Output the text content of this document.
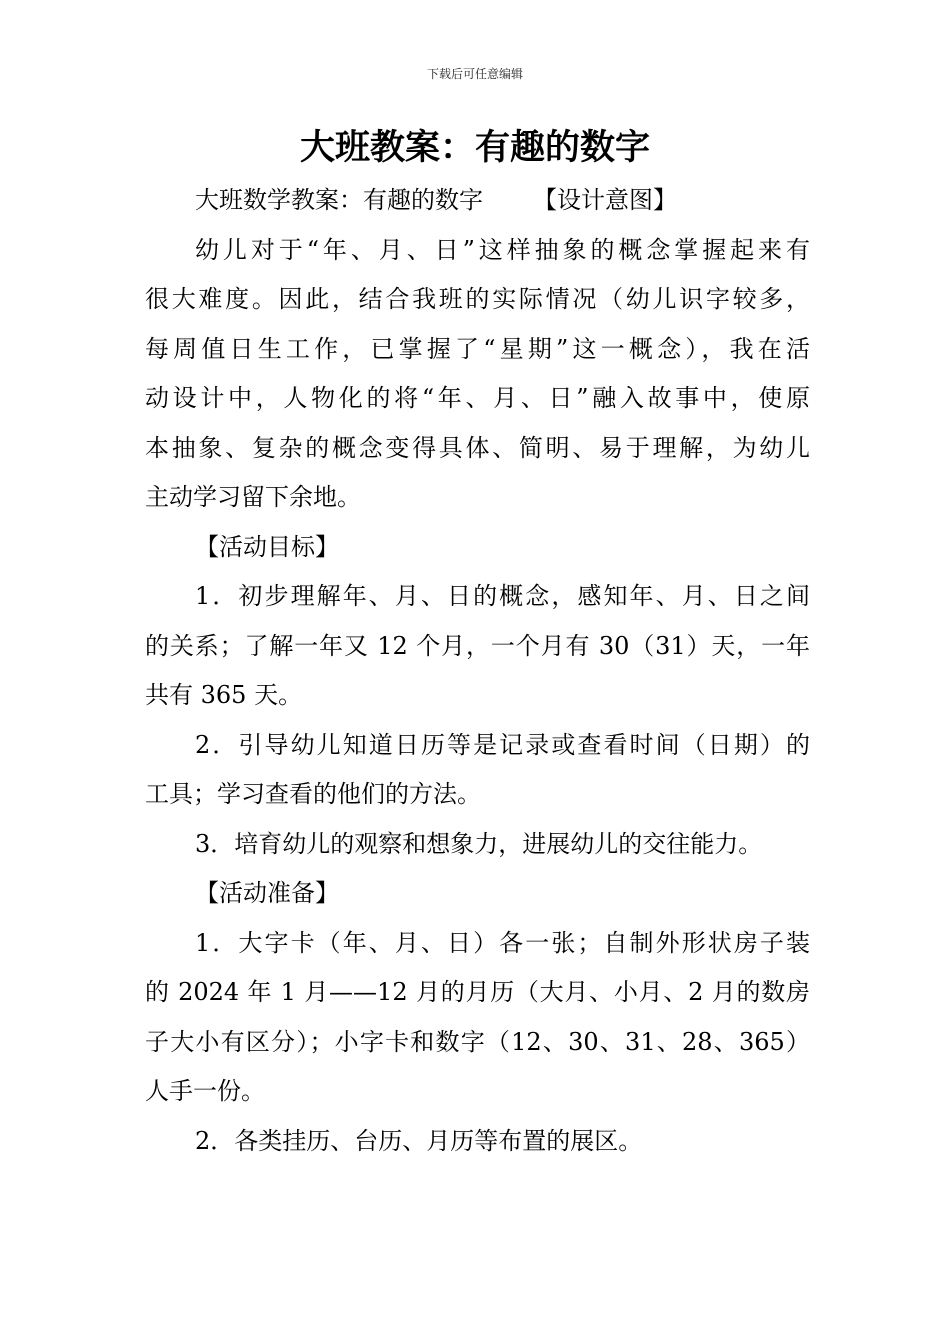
下载后可任意编辑
大班教案：有趣的数字
大班数学教案：有趣的数字 【设计意图】
幼儿对于“年、月、日”这样抽象的概念掌握起来有
很大难度。因此，结合我班的实际情况（幼儿识字较多，
每周值日生工作，已掌握了“星期”这一概念），我在活
动设计中，人物化的将“年、月、日”融入故事中，使原
本抽象、复杂的概念变得具体、简明、易于理解，为幼儿
主动学习留下余地。
【活动目标】
1．初步理解年、月、日的概念，感知年、月、日之间
的关系；了解一年又 12 个月，一个月有 30（31）天，一年
共有 365 天。
2．引导幼儿知道日历等是记录或查看时间（日期）的
工具；学习查看的他们的方法。
3．培育幼儿的观察和想象力，进展幼儿的交往能力。
【活动准备】
1．大字卡（年、月、日）各一张；自制外形状房子装
的 2024 年 1 月——12 月的月历（大月、小月、2 月的数房
子大小有区分）；小字卡和数字（12、30、31、28、365）
人手一份。
2．各类挂历、台历、月历等布置的展区。
